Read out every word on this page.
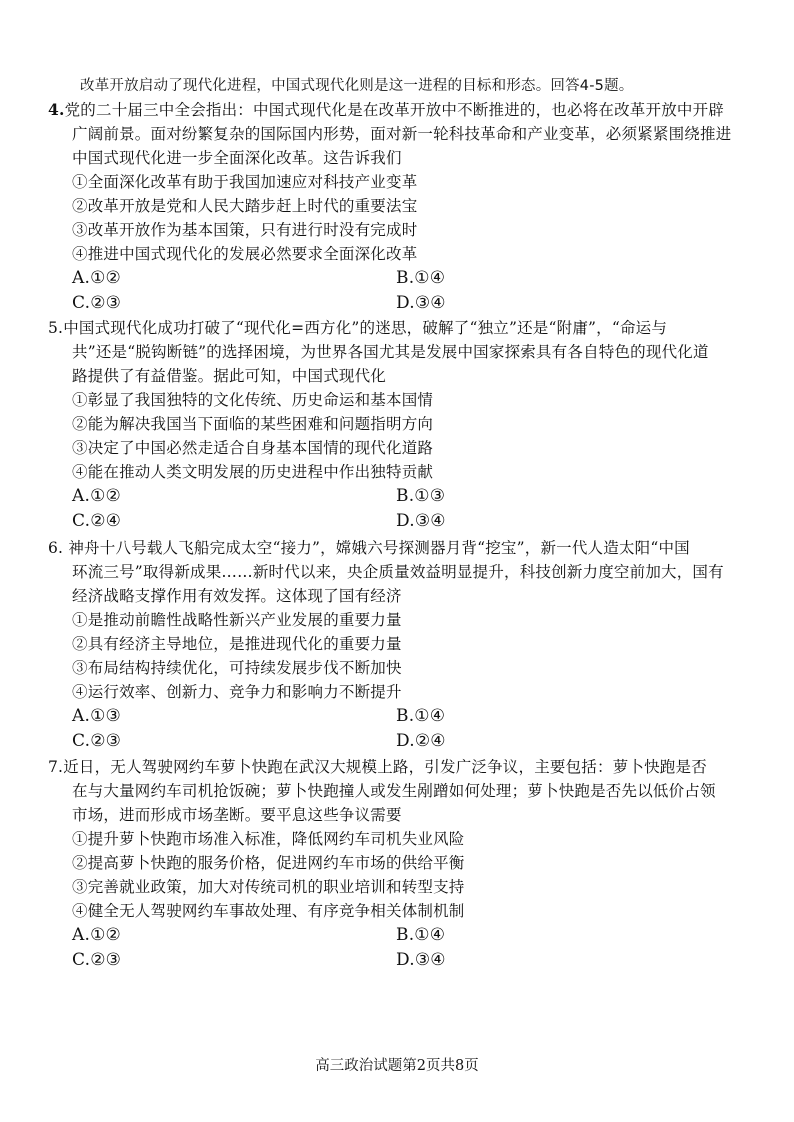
改革开放启动了现代化进程，中国式现代化则是这一进程的目标和形态。回答4-5题。
4.党的二十届三中全会指出：中国式现代化是在改革开放中不断推进的，也必将在改革开放中开辟
广阔前景。面对纷繁复杂的国际国内形势，面对新一轮科技革命和产业变革，必须紧紧围绕推进
中国式现代化进一步全面深化改革。这告诉我们
①全面深化改革有助于我国加速应对科技产业变革
②改革开放是党和人民大踏步赶上时代的重要法宝
③改革开放作为基本国策，只有进行时没有完成时
④推进中国式现代化的发展必然要求全面深化改革
A.①②	B.①④
C.②③	D.③④
5.中国式现代化成功打破了“现代化=西方化”的迷思，破解了“独立”还是“附庸”，“命运与
共”还是“脱钩断链”的选择困境，为世界各国尤其是发展中国家探索具有各自特色的现代化道
路提供了有益借鉴。据此可知，中国式现代化
①彰显了我国独特的文化传统、历史命运和基本国情
②能为解决我国当下面临的某些困难和问题指明方向
③决定了中国必然走适合自身基本国情的现代化道路
④能在推动人类文明发展的历史进程中作出独特贡献
A.①②	B.①③
C.②④	D.③④
6. 神舟十八号载人飞船完成太空“接力”，嫦娥六号探测器月背“挖宝”，新一代人造太阳“中国
环流三号”取得新成果……新时代以来，央企质量效益明显提升，科技创新力度空前加大，国有
经济战略支撑作用有效发挥。这体现了国有经济
①是推动前瞻性战略性新兴产业发展的重要力量
②具有经济主导地位，是推进现代化的重要力量
③布局结构持续优化，可持续发展步伐不断加快
④运行效率、创新力、竞争力和影响力不断提升
A.①③	B.①④
C.②③	D.②④
7.近日，无人驾驶网约车萝卜快跑在武汉大规模上路，引发广泛争议，主要包括：萝卜快跑是否
在与大量网约车司机抢饭碗；萝卜快跑撞人或发生剐蹭如何处理；萝卜快跑是否先以低价占领
市场，进而形成市场垄断。要平息这些争议需要
①提升萝卜快跑市场准入标准，降低网约车司机失业风险
②提高萝卜快跑的服务价格，促进网约车市场的供给平衡
③完善就业政策，加大对传统司机的职业培训和转型支持
④健全无人驾驶网约车事故处理、有序竞争相关体制机制
A.①②	B.①④
C.②③	D.③④
高三政治试题第2页共8页
